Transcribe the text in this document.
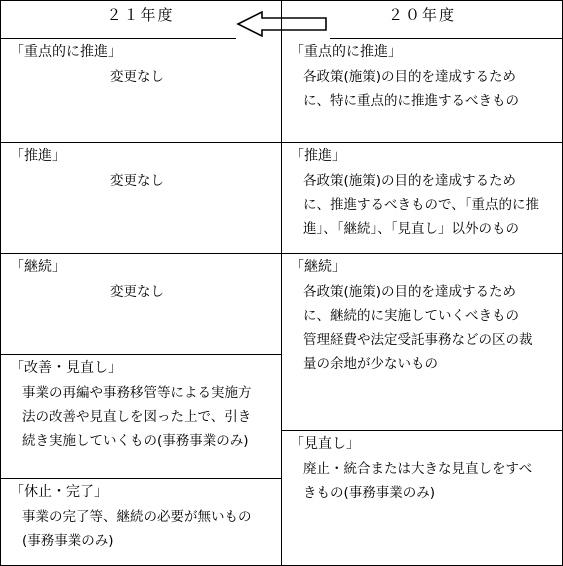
２１年度	２０年度
「重点的に推進」
変更なし
「推進」
変更なし
「継続」
変更なし
「改善・見直し」
事業の再編や事務移管等による実施方
法の改善や見直しを図った上で、引き
続き実施していくもの(事務事業のみ)
「休止・完了」
事業の完了等、継続の必要が無いもの
(事務事業のみ)
「重点的に推進」
各政策(施策)の目的を達成するため
に、特に重点的に推進するべきもの
「推進」
各政策(施策)の目的を達成するため
に、推進するべきもので、「重点的に推
進」、「継続」、「見直し」以外のもの
「継続」
各政策(施策)の目的を達成するため
に、継続的に実施していくべきもの
管理経費や法定受託事務などの区の裁
量の余地が少ないもの
「見直し」
廃止・統合または大きな見直しをすべ
きもの(事務事業のみ)
